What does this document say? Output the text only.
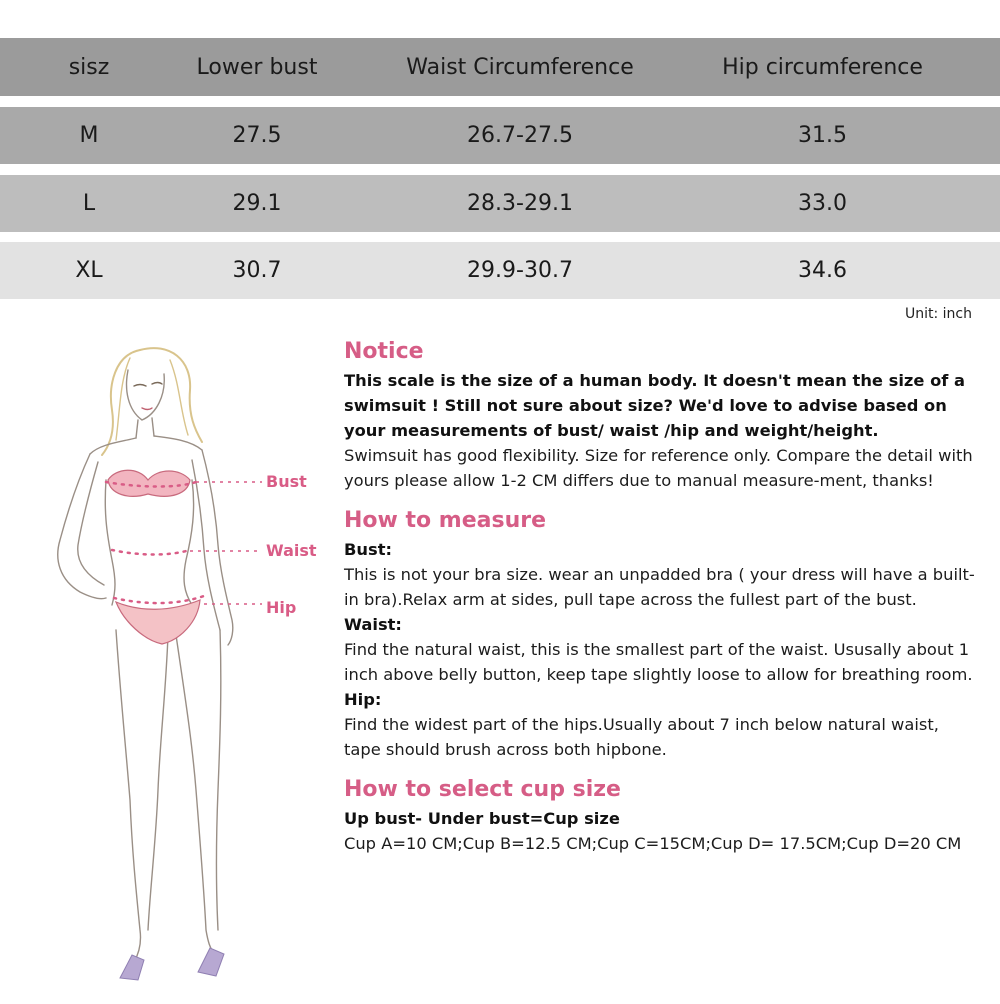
sisz	Lower bust	Waist Circumference	Hip circumference
M	27.5	26.7-27.5	31.5
L	29.1	28.3-29.1	33.0
XL	30.7	29.9-30.7	34.6
Unit: inch
Bust
Waist
Hip

Notice

This scale is the size of a human body. It doesn't mean the size of a swimsuit ! Still not sure about size? We'd love to advise based on your measurements of bust/ waist /hip and weight/height.

Swimsuit has good flexibility. Size for reference only. Compare the detail with yours please allow 1-2 CM differs due to manual measure-ment, thanks!

How to measure

Bust:

This is not your bra size. wear an unpadded bra ( your dress will have a built-in bra).Relax arm at sides, pull tape across the fullest part of the bust.

Waist:

Find the natural waist, this is the smallest part of the waist. Ususally about 1 inch above belly button, keep tape slightly loose to allow for breathing room.

Hip:

Find the widest part of the hips.Usually about 7 inch below natural waist, tape should brush across both hipbone.

How to select cup size

Up bust- Under bust=Cup size

Cup A=10 CM;Cup B=12.5 CM;Cup C=15CM;Cup D= 17.5CM;Cup D=20 CM
